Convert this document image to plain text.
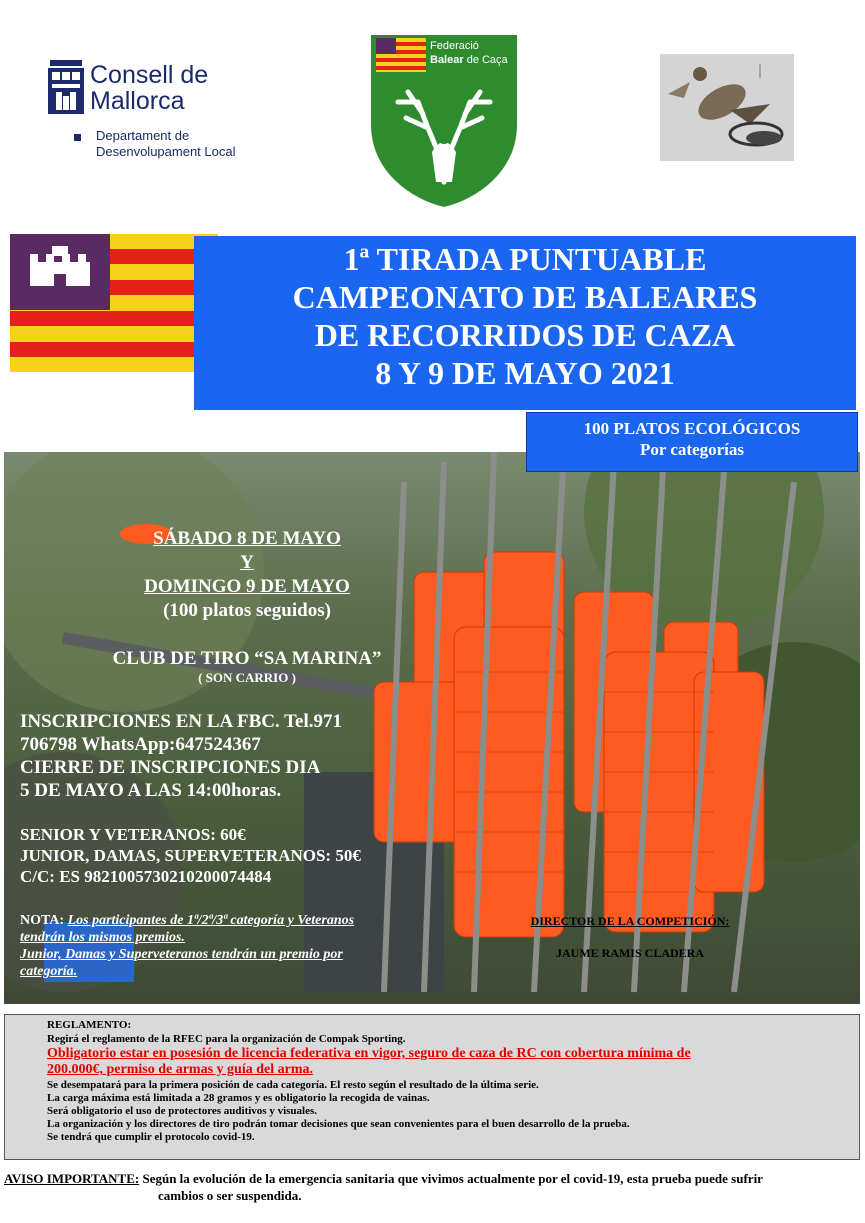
Consell de
Mallorca
Departament de
Desenvolupament Local
Federació
Balear de Caça
1ª TIRADA PUNTUABLE
CAMPEONATO DE BALEARES
DE RECORRIDOS DE CAZA
8 Y 9 DE MAYO 2021
SÁBADO 8 DE MAYO
Y
DOMINGO 9 DE MAYO
(100 platos seguidos)
CLUB DE TIRO “SA MARINA”
( SON CARRIO )
INSCRIPCIONES EN LA FBC. Tel.971
706798 WhatsApp:647524367
CIERRE DE INSCRIPCIONES DIA
5 DE MAYO A LAS 14:00horas.
SENIOR Y VETERANOS: 60€
JUNIOR, DAMAS, SUPERVETERANOS: 50€
C/C: ES 9821005730210200074484
NOTA: Los participantes de 1ª/2ª/3ª categoría y Veteranos
tendrán los mismos premios.
Junior, Damas y Superveteranos tendrán un premio por
categoría.
DIRECTOR DE LA COMPETICIÓN:
JAUME RAMIS CLADERA
100 PLATOS ECOLÓGICOS
Por categorías
REGLAMENTO:
Regirá el reglamento de la RFEC para la organización de Compak Sporting.
Obligatorio estar en posesión de licencia federativa en vigor, seguro de caza de RC con cobertura mínima de
200.000€, permiso de armas y guía del arma.
Se desempatará para la primera posición de cada categoría. El resto según el resultado de la última serie.
La carga máxima está limitada a 28 gramos y es obligatorio la recogida de vainas.
Será obligatorio el uso de protectores auditivos y visuales.
La organización y los directores de tiro podrán tomar decisiones que sean convenientes para el buen desarrollo de la prueba.
Se tendrá que cumplir el protocolo covid-19.
AVISO IMPORTANTE: Según la evolución de la emergencia sanitaria que vivimos actualmente por el covid-19, esta prueba puede sufrir
cambios o ser suspendida.
